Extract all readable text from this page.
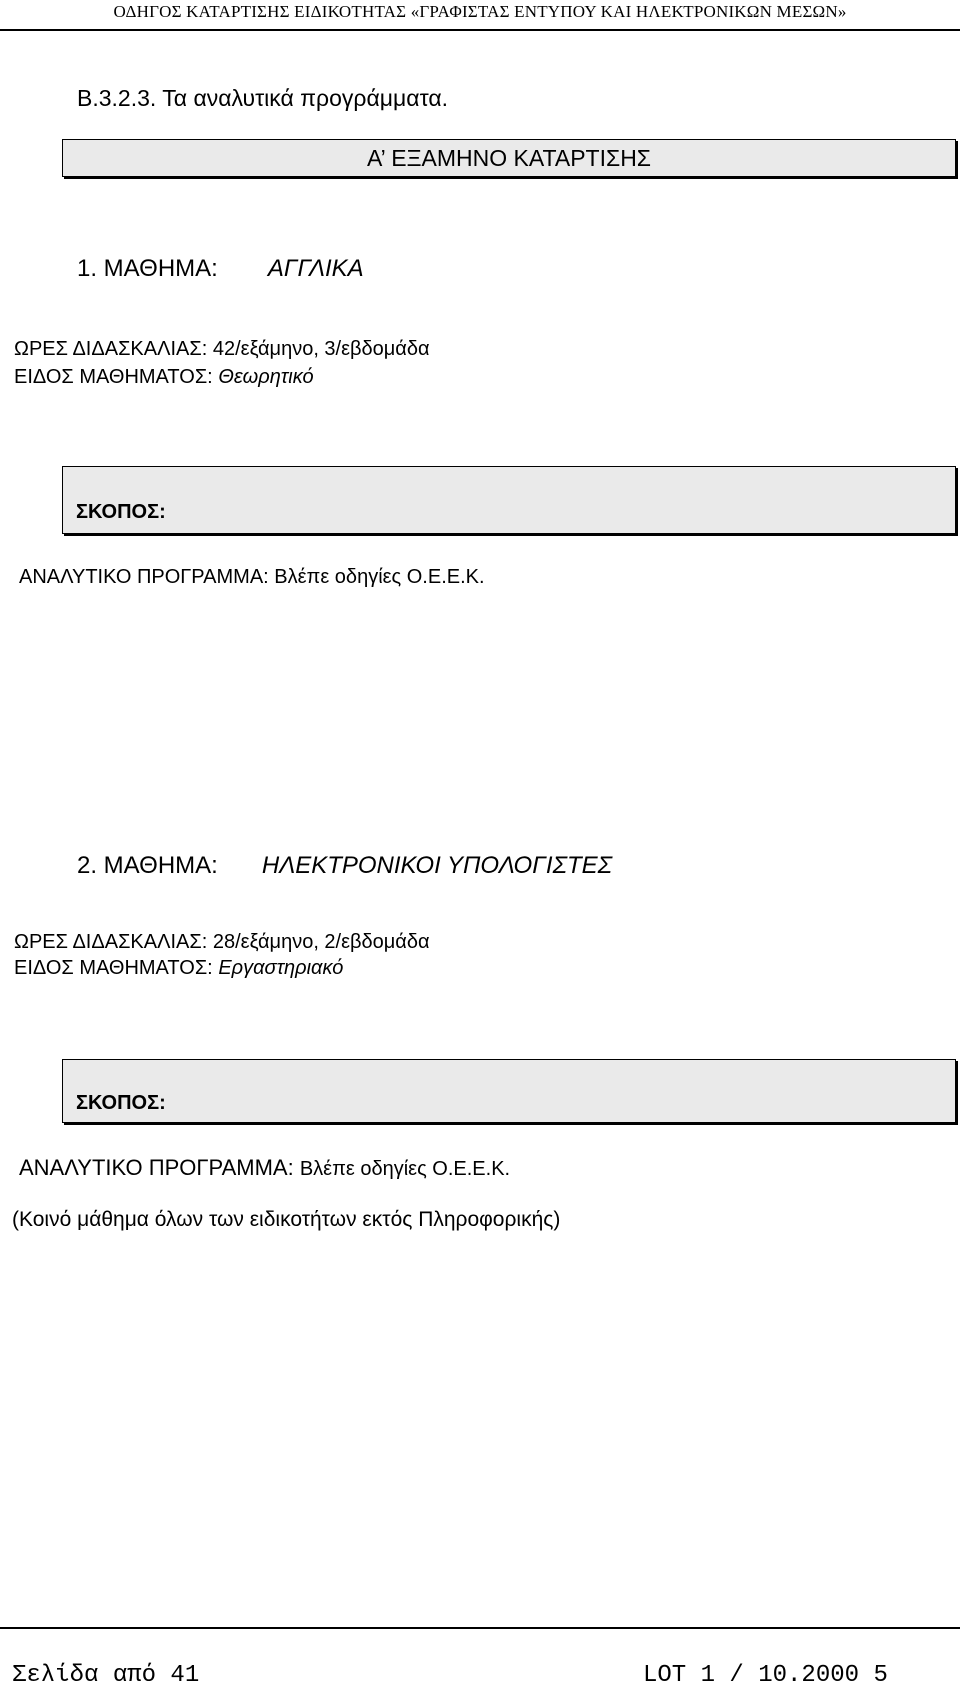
ΟΔΗΓΟΣ ΚΑΤΑΡΤΙΣΗΣ ΕΙΔΙΚΟΤΗΤΑΣ «ΓΡΑΦΙΣΤΑΣ ΕΝΤΥΠΟΥ ΚΑΙ ΗΛΕΚΤΡΟΝΙΚΩΝ ΜΕΣΩΝ»
Β.3.2.3. Τα αναλυτικά προγράμματα.
Α’ ΕΞΑΜΗΝΟ ΚΑΤΑΡΤΙΣΗΣ
1. ΜΑΘΗΜΑ: ΑΓΓΛΙΚΑ
ΩΡΕΣ ΔΙΔΑΣΚΑΛΙΑΣ: 42/εξάμηνο, 3/εβδομάδα
ΕΙΔΟΣ ΜΑΘΗΜΑΤΟΣ: Θεωρητικό
ΣΚΟΠΟΣ:
ΑΝΑΛΥΤΙΚΟ ΠΡΟΓΡΑΜΜΑ: Βλέπε οδηγίες Ο.Ε.Ε.Κ.
2. ΜΑΘΗΜΑ: ΗΛΕΚΤΡΟΝΙΚΟΙ ΥΠΟΛΟΓΙΣΤΕΣ
ΩΡΕΣ ΔΙΔΑΣΚΑΛΙΑΣ: 28/εξάμηνο, 2/εβδομάδα
ΕΙΔΟΣ ΜΑΘΗΜΑΤΟΣ: Εργαστηριακό
ΣΚΟΠΟΣ:
ΑΝΑΛΥΤΙΚΟ ΠΡΟΓΡΑΜΜΑ: Βλέπε οδηγίες Ο.Ε.Ε.Κ.
(Κοινό μάθημα όλων των ειδικοτήτων εκτός Πληροφορικής)
Σελίδα από 41	LOT 1 / 10.2000 5
